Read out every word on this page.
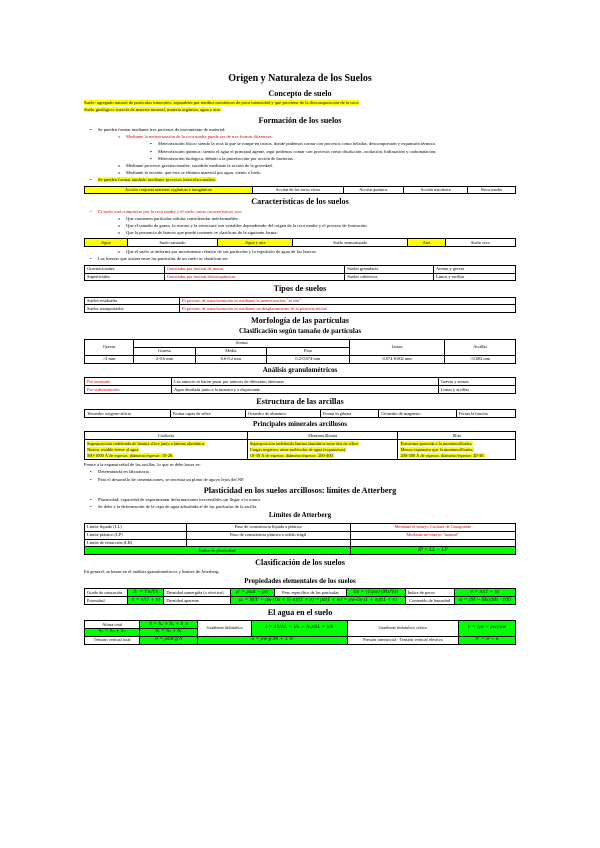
Origen y Naturaleza de los Suelos
Concepto de suelo
Suelo: agregado natural de partículas minerales, separables por medios mecánicos de poca intensidad y que proviene de la descomposición de la roca.
Suelo geológico: mezcla de materia mineral, materia orgánica, agua y aire.
Formación de los suelos
• Se pueden formar mediante tres procesos de movimiento de material:
o Mediante la meteorización de la roca madre puede ser de tres formas diferentes:
▪ Meteorización física: siendo la roca la que se rompe en trozos, donde podemos contar con procesos como heladas, descompresión y expansión térmica.
▪ Meteorización química: siendo el agua el principal agente, aquí podemos contar con procesos como disolución, oxidación, hidratación y carbonatación.
▪ Meteorización biológica: debido a la putrefacción por acción de bacterias.
o Mediante procesos gravitacionales, sucedido mediante la acción de la gravedad.
o Mediante la erosión, que esta se elimina material por agua, viento o hielo.
• Se pueden formar también mediante procesos interrelacionados:
Acción conjunta materias orgánicas e inorgánicas	Acción de los seres vivos	Acción química	Acción mecánica	Roca madre
Características de los suelos
• El suelo está compuesto por la roca madre y el suelo cuyas características son:
o Que contienen partículas sólidas consideradas indeformables.
o Que el tamaño de grano, la textura y la estructura son variables dependiendo del origen de la roca madre y el proceso de formación.
o Que la presencia de huecos que puede contener se clasifican de la siguiente forma:
Agua	Suelo saturado	Agua y aire	Suelo semisaturado	Aire	Suelo seco
o Que el suelo se deforma por movimiento relativo de sus partículas y la expulsión de agua de los huecos.
• Las fuerzas que actúan entre las partículas de un suelo se clasifican en:
Gravitacionales	Generadas por fuerzas de masas	Suelos granulares	Arenas y gravas
Superficiales	Generadas por fuerzas electroquímicas	Suelos cohesivos	Limos y arcillas
Tipos de suelos
Suelos residuales	El proceso de transformación es mediante la meteorización "in situ"
Suelos transportados	El proceso de transformación es mediante un desplazamiento de la posición inicial
Morfología de las partículas
Clasificación según tamaño de partículas
Gravas	Arenas			Limos	Arcillas
	Gruesa	Media	Fina		
>2 mm	2-0,6 mm	0,6-0,2 mm	0,2-0,074 mm	0,074-0,002 mm	<0,002 mm
Análisis granulométricos
Por tamizado	Los tamices se hacen pasar por tamices de diferentes aberturas	Gravas y arenas
Por sedimentación	Agua destilada junto a la muestra y a dispersante	Limos y arcillas
Estructura de las arcillas
Tetraedro oxígeno-silicio	Forma capas de sílice	Octaedro de aluminio	Forma la gibsita	Octaedro de magnesio	Forma la brucita
Principales minerales arcillosos
Caolinita	Montmorillonita	Illita
Superposición indefinida de lámina sílice junto a lámina alumínica.
Neutra, estable frente al agua.
500-1000 Å de espesor, diámetro/espesor: 10-20.	Superposición indefinida lámina alumínica entre dos de sílice.
Cargas negativa, atrae moléculas de agua (expansivas).
10-30 Å de espesor, diámetro/espesor: 200-400.	Estructura parecida a la montmorillonita.
Menos expansiva que la montmorillonita.
200-300 Å de espesor, diámetro/espesor: 20-30.
Frente a la expansividad de las arcillas, lo que se debe hacer es:
• Determinarla en laboratorio.
• Para el desarrollo de cimentaciones, se necesita un plano de apoyo lejos del NF.
Plasticidad en los suelos arcillosos: límites de Atterberg
• Plasticidad: capacidad de experimentar deformaciones irreversibles sin llegar a la rotura.
• Se debe a la deformación de la capa de agua adsorbida al de las partículas de la arcilla.
Límites de Atterberg
Límite líquido (LL)	Paso de consistencia líquida a plástica	Mediante el ensayo Cuchara de Casagrande
Límite plástico (LP)	Paso de consistencia plástica a sólido frágil	Mediante un ensayo "manual"
Límite de retracción (LR)		
Índice de plasticidad		IP = LL − LP
Clasificación de los suelos
En general, se basan en el análisis granulométricos y límites de Atterberg.
Propiedades elementales de los suelos
Grado de saturación	Sᵣ = Vw/Vv	Densidad sumergida (o efectiva)	ρ' = ρsat − ρw	Peso específico de las partículas	Gs = (1/ρw)·(Ms/Vs)	Índice de poros	e = n/(1 − n)
Porosidad	n = e/(1 + e)	Densidad aparente	ρₐ = M/V = ρw·(Gs + Sᵣ·e)/(1 + e) = ρd(1 + w) = ρw·Gs·(1 + w)/(1 + e)			Contenido de humedad	w = (M − Ms)/Ms · 100
El agua en el suelo
Altura total	h = hₑ + hₚ + h_v	Gradiente hidráulico	i = Δh/ΔL = (h₁ − h₂)/ΔL = v/k	Gradiente hidráulico crítico	iᶜ = (ρs − ρw)/ρw
hₚ = hₑ + hₚ	hₚ = hₑ + hₚ				
Tensión vertical total	σ = ρsat·g·h	u = ρw·g·Δh + Σ σᵢ		Presión intersticial · Tensión vertical efectiva	σ' = σ − u
